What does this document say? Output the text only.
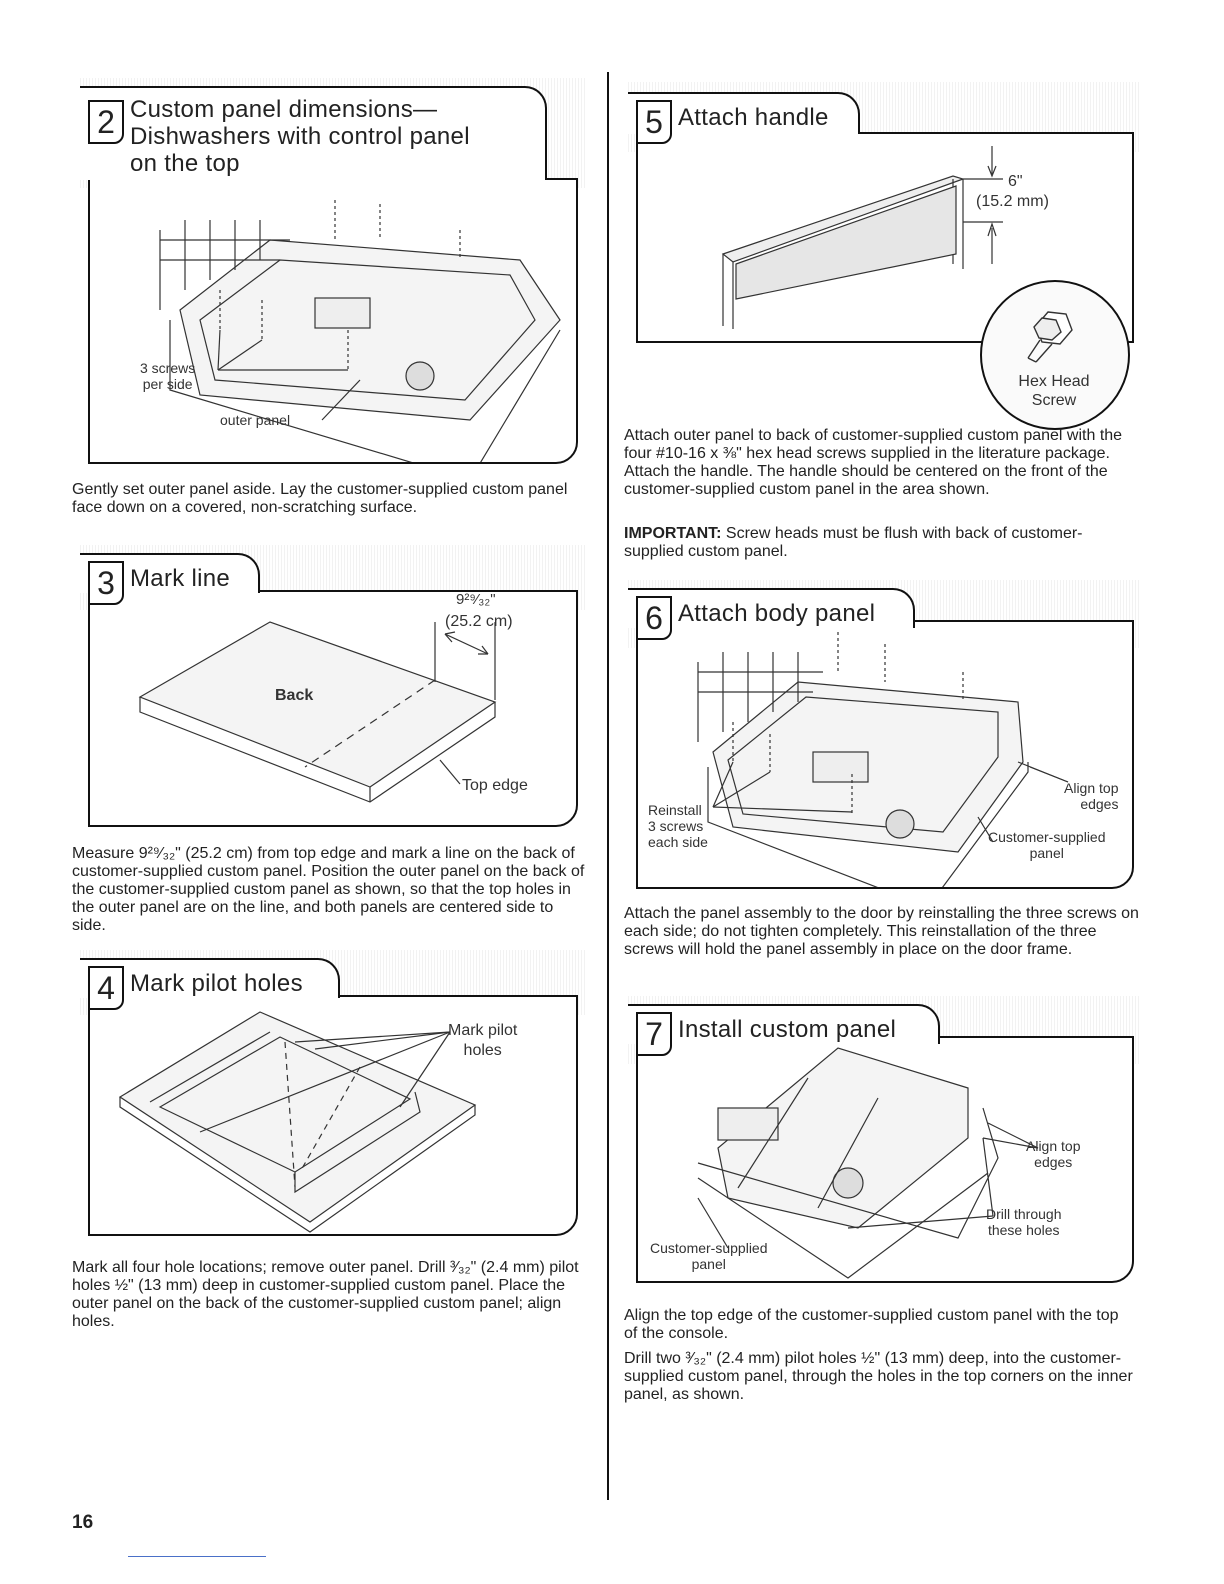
3 screws
per side
outer panel
2 Custom panel dimensions—
Dishwashers with control panel
on the top
Gently set outer panel aside. Lay the customer-supplied custom panel face down on a covered, non-scratching surface.
Back
9²⁹⁄₃₂"
(25.2 cm)
Top edge
3 Mark line
Measure 9²⁹⁄₃₂" (25.2 cm) from top edge and mark a line on the back of customer-supplied custom panel. Position the outer panel on the back of the customer-supplied custom panel as shown, so that the top holes in the outer panel are on the line, and both panels are centered side to side.
Mark pilot
holes
4 Mark pilot holes
Mark all four hole locations; remove outer panel. Drill ³⁄₃₂" (2.4 mm) pilot holes ½" (13 mm) deep in customer-supplied custom panel. Place the outer panel on the back of the customer-supplied custom panel; align holes.
6"
(15.2 mm)
Hex Head
Screw
5 Attach handle
Attach outer panel to back of customer-supplied custom panel with the four #10-16 x ⅜" hex head screws supplied in the literature package. Attach the handle. The handle should be centered on the front of the customer-supplied custom panel in the area shown.
IMPORTANT: Screw heads must be flush with back of customer-supplied custom panel.
Reinstall
3 screws
each side
Align top
edges
Customer-supplied
panel
6 Attach body panel
Attach the panel assembly to the door by reinstalling the three screws on each side; do not tighten completely. This reinstallation of the three screws will hold the panel assembly in place on the door frame.
Align top
edges
Drill through
these holes
Customer-supplied
panel
7 Install custom panel
Align the top edge of the customer-supplied custom panel with the top of the console.
Drill two ³⁄₃₂" (2.4 mm) pilot holes ½" (13 mm) deep, into the customer-supplied custom panel, through the holes in the top corners on the inner panel, as shown.
16
